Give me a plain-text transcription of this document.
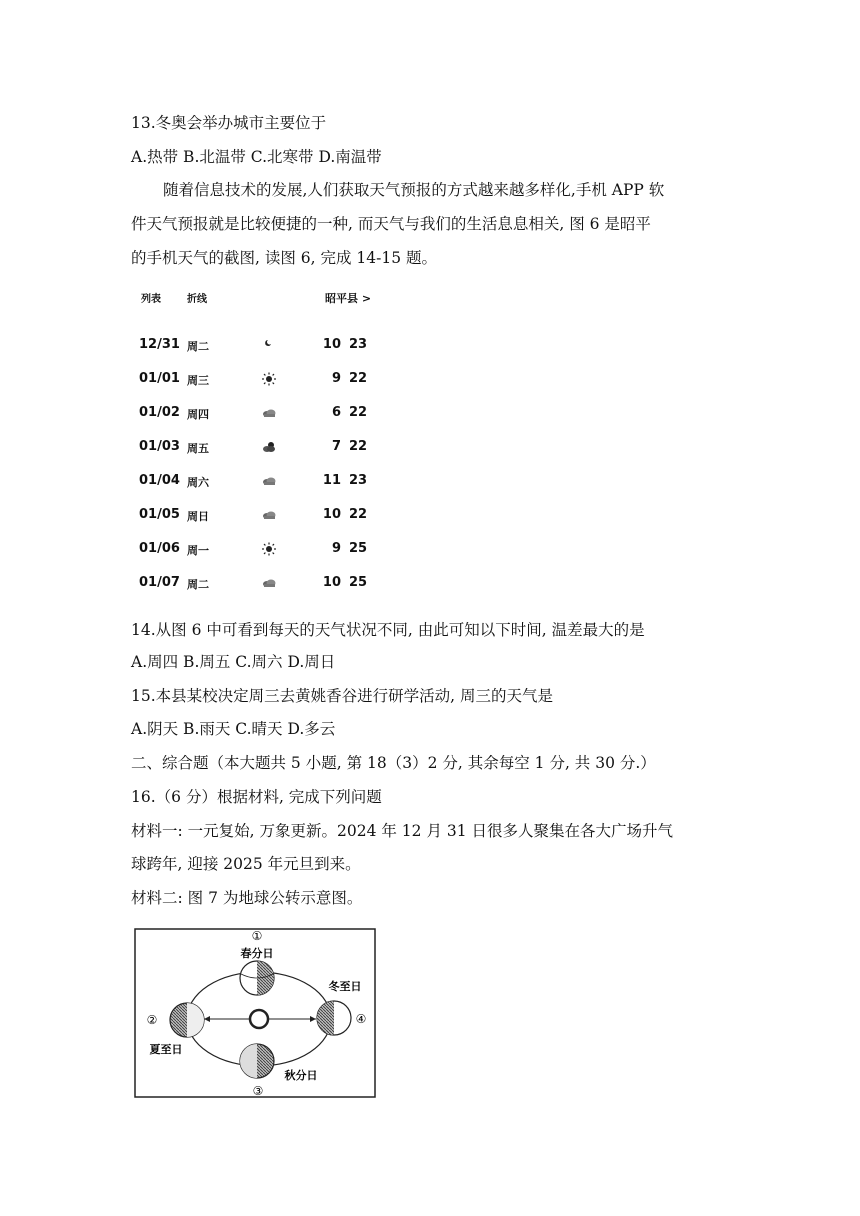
13.冬奥会举办城市主要位于
A.热带 B.北温带 C.北寒带 D.南温带
随着信息技术的发展,人们获取天气预报的方式越来越多样化,手机 APP 软
件天气预报就是比较便捷的一种, 而天气与我们的生活息息相关, 图 6 是昭平
的手机天气的截图, 读图 6, 完成 14-15 题。
列表	折线	昭平县 >
12/31 周二	10 23
01/01 周三	9 22
01/02 周四	6 22
01/03 周五	7 22
01/04 周六	11 23
01/05 周日	10 22
01/06 周一	9 25
01/07 周二	10 25
14.从图 6 中可看到每天的天气状况不同, 由此可知以下时间, 温差最大的是
A.周四 B.周五 C.周六 D.周日
15.本县某校决定周三去黄姚香谷进行研学活动, 周三的天气是
A.阴天 B.雨天 C.晴天 D.多云
二、综合题（本大题共 5 小题, 第 18（3）2 分, 其余每空 1 分, 共 30 分.）
16.（6 分）根据材料, 完成下列问题
材料一: 一元复始, 万象更新。2024 年 12 月 31 日很多人聚集在各大广场升气
球跨年, 迎接 2025 年元旦到来。
材料二: 图 7 为地球公转示意图。
①
春分日
②
夏至日
③
秋分日
冬至日
④
